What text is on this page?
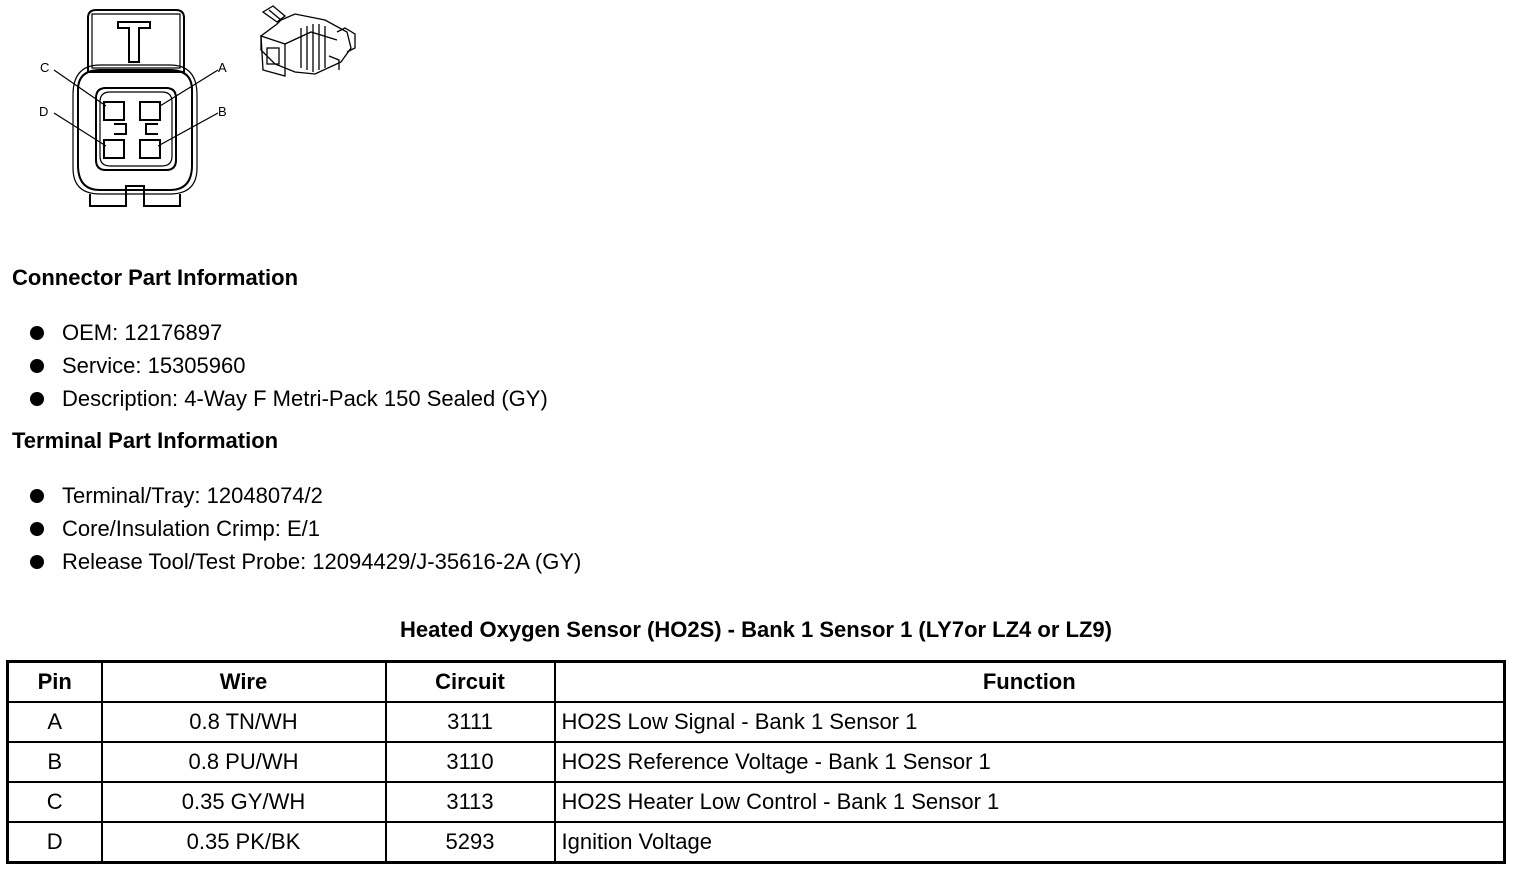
C	A
D	B
Connector Part Information
OEM: 12176897
Service: 15305960
Description: 4-Way F Metri-Pack 150 Sealed (GY)
Terminal Part Information
Terminal/Tray: 12048074/2
Core/Insulation Crimp: E/1
Release Tool/Test Probe: 12094429/J-35616-2A (GY)
Heated Oxygen Sensor (HO2S) - Bank 1 Sensor 1 (LY7or LZ4 or LZ9)
Pin	Wire	Circuit	Function
A	0.8 TN/WH	3111	HO2S Low Signal - Bank 1 Sensor 1
B	0.8 PU/WH	3110	HO2S Reference Voltage - Bank 1 Sensor 1
C	0.35 GY/WH	3113	HO2S Heater Low Control - Bank 1 Sensor 1
D	0.35 PK/BK	5293	Ignition Voltage
